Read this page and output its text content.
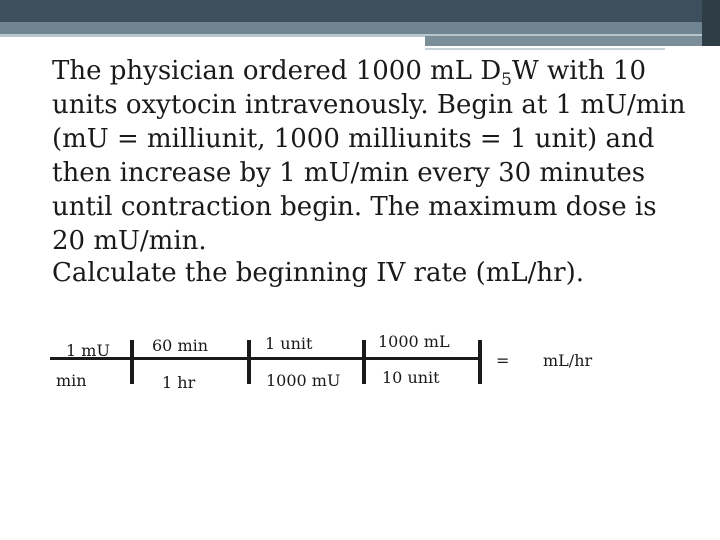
The physician ordered 1000 mL $D_5W$ with 10 units oxytocin intravenously. Begin at 1 mU/min (mU = milliunit, 1000 milliunits = 1 unit) and then increase by 1 mU/min every 30 minutes until contraction begin. The maximum dose is 20 mU/min.

Calculate the beginning IV rate (mL/hr).

1 mU
min
60 min
1 hr
1 unit
1000 mU
1000 mL
10 unit
= mL/hr
